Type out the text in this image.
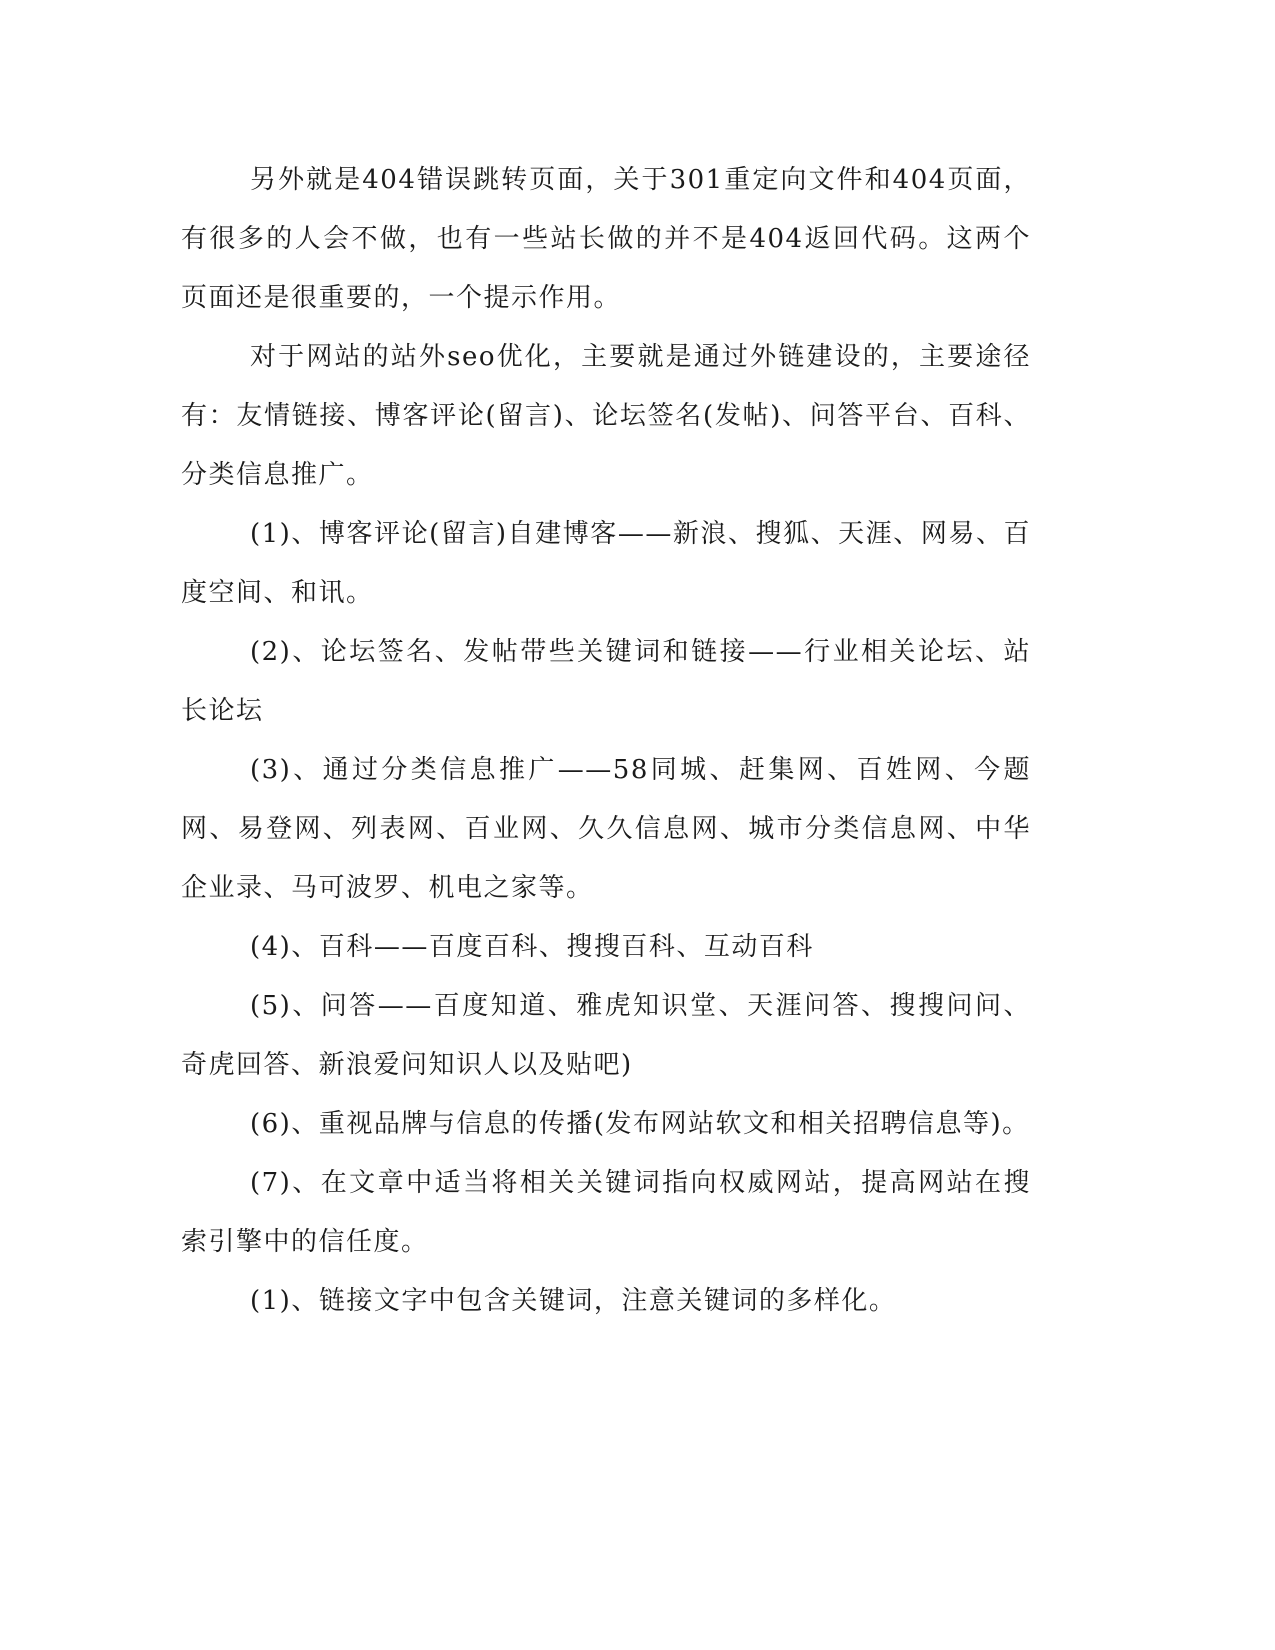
另外就是404错误跳转页面，关于301重定向文件和404页面，有很多的人会不做，也有一些站长做的并不是404返回代码。这两个页面还是很重要的，一个提示作用。

对于网站的站外seo优化，主要就是通过外链建设的，主要途径有：友情链接、博客评论(留言)、论坛签名(发帖)、问答平台、百科、分类信息推广。

(1)、博客评论(留言)自建博客——新浪、搜狐、天涯、网易、百度空间、和讯。

(2)、论坛签名、发帖带些关键词和链接——行业相关论坛、站长论坛

(3)、通过分类信息推广——58同城、赶集网、百姓网、今题网、易登网、列表网、百业网、久久信息网、城市分类信息网、中华企业录、马可波罗、机电之家等。

(4)、百科——百度百科、搜搜百科、互动百科

(5)、问答——百度知道、雅虎知识堂、天涯问答、搜搜问问、奇虎回答、新浪爱问知识人以及贴吧)

(6)、重视品牌与信息的传播(发布网站软文和相关招聘信息等)。

(7)、在文章中适当将相关关键词指向权威网站，提高网站在搜索引擎中的信任度。

(1)、链接文字中包含关键词，注意关键词的多样化。
